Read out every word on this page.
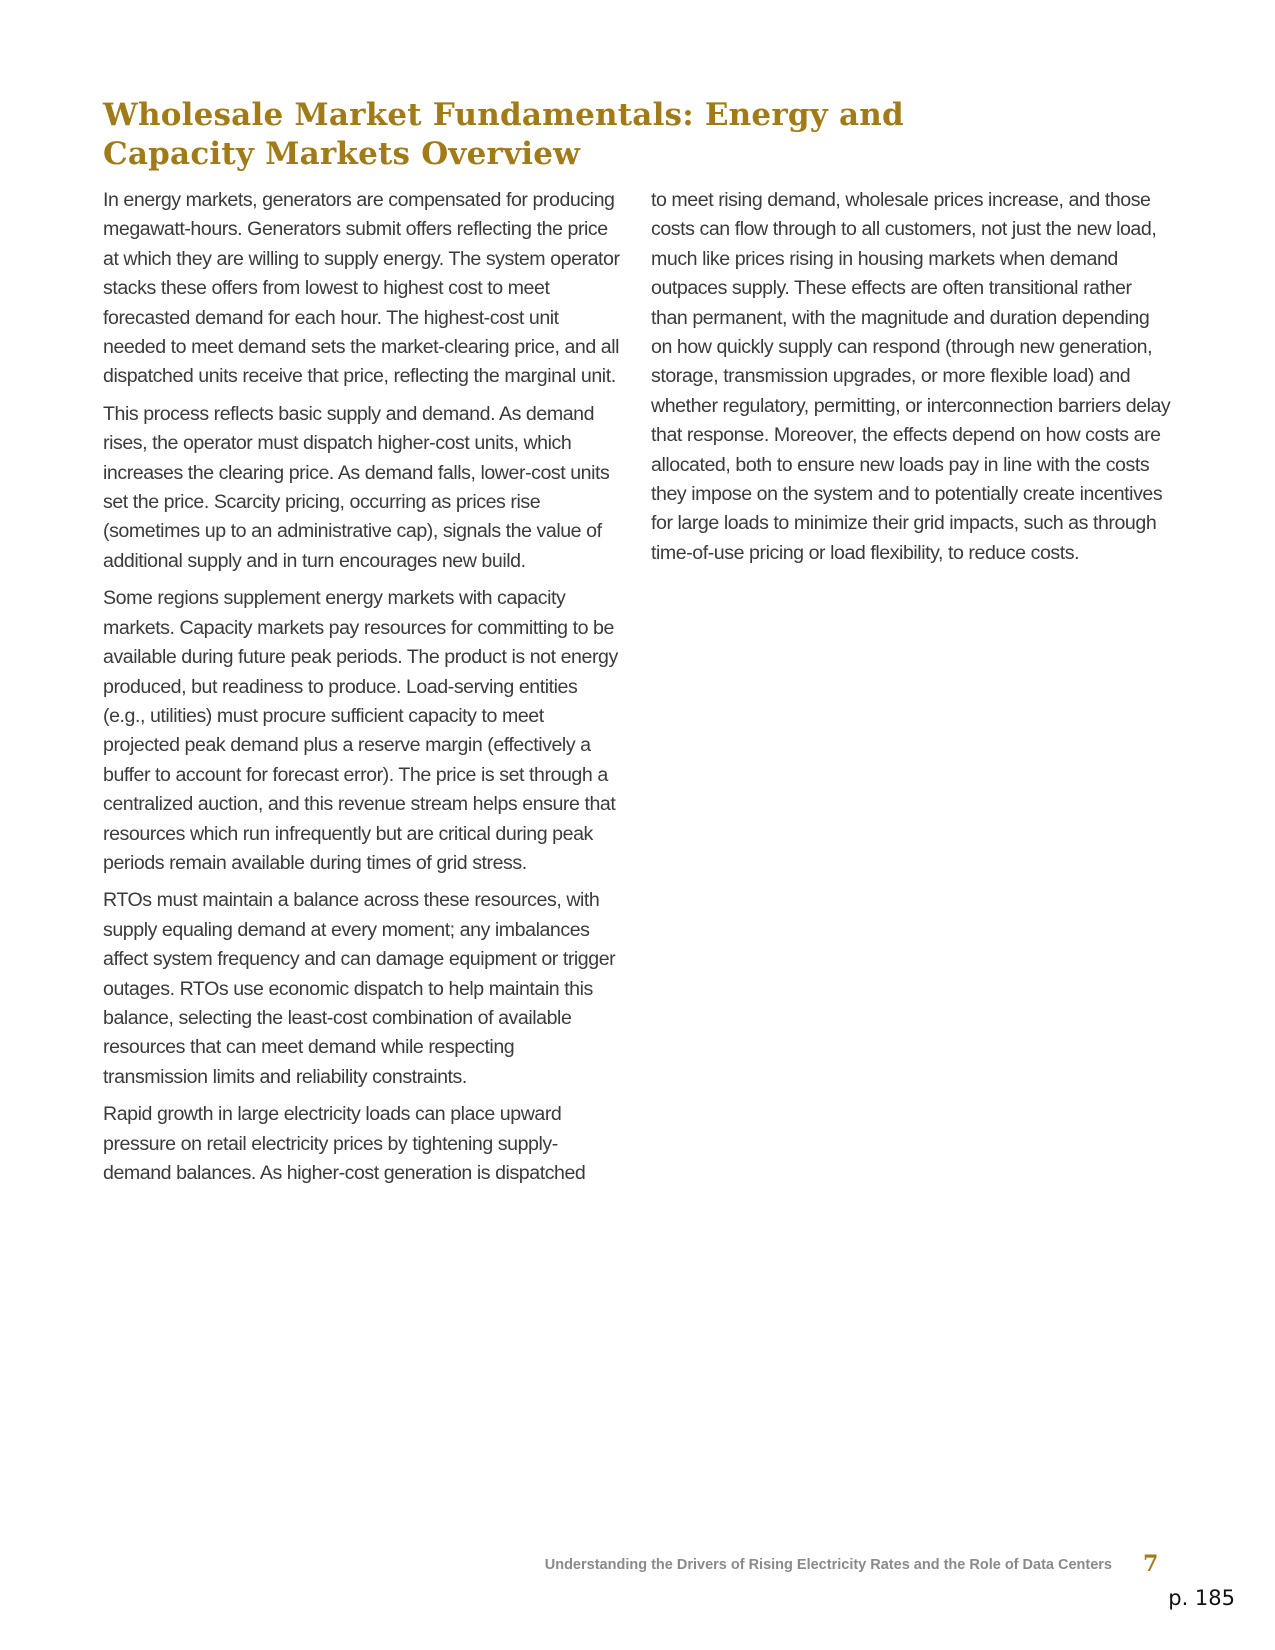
Wholesale Market Fundamentals: Energy and Capacity Markets Overview

In energy markets, generators are compensated for producing megawatt-hours. Generators submit offers reflecting the price at which they are willing to supply energy. The system operator stacks these offers from lowest to highest cost to meet forecasted demand for each hour. The highest-cost unit needed to meet demand sets the market-clearing price, and all dispatched units receive that price, reflecting the marginal unit.

This process reflects basic supply and demand. As demand rises, the operator must dispatch higher-cost units, which increases the clearing price. As demand falls, lower-cost units set the price. Scarcity pricing, occurring as prices rise (sometimes up to an administrative cap), signals the value of additional supply and in turn encourages new build.

Some regions supplement energy markets with capacity markets. Capacity markets pay resources for committing to be available during future peak periods. The product is not energy produced, but readiness to produce. Load-serving entities (e.g., utilities) must procure sufficient capacity to meet projected peak demand plus a reserve margin (effectively a buffer to account for forecast error). The price is set through a centralized auction, and this revenue stream helps ensure that resources which run infrequently but are critical during peak periods remain available during times of grid stress.

RTOs must maintain a balance across these resources, with supply equaling demand at every moment; any imbalances affect system frequency and can damage equipment or trigger outages. RTOs use economic dispatch to help maintain this balance, selecting the least-cost combination of available resources that can meet demand while respecting transmission limits and reliability constraints.

Rapid growth in large electricity loads can place upward pressure on retail electricity prices by tightening supply-demand balances. As higher-cost generation is dispatched

to meet rising demand, wholesale prices increase, and those costs can flow through to all customers, not just the new load, much like prices rising in housing markets when demand outpaces supply. These effects are often transitional rather than permanent, with the magnitude and duration depending on how quickly supply can respond (through new generation, storage, transmission upgrades, or more flexible load) and whether regulatory, permitting, or interconnection barriers delay that response. Moreover, the effects depend on how costs are allocated, both to ensure new loads pay in line with the costs they impose on the system and to potentially create incentives for large loads to minimize their grid impacts, such as through time-of-use pricing or load flexibility, to reduce costs.

Understanding the Drivers of Rising Electricity Rates and the Role of Data Centers 7
p. 185
